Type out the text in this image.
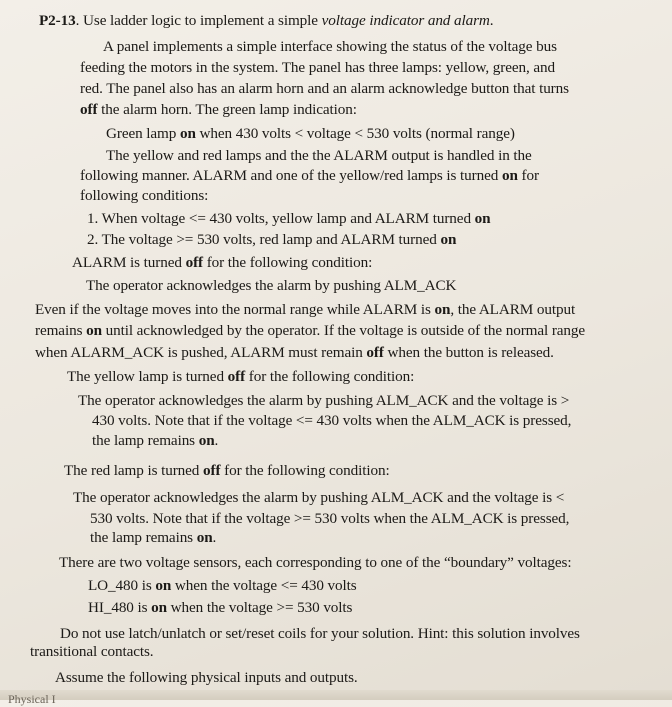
P2-13. Use ladder logic to implement a simple voltage indicator and alarm.
A panel implements a simple interface showing the status of the voltage bus
feeding the motors in the system. The panel has three lamps: yellow, green, and
red. The panel also has an alarm horn and an alarm acknowledge button that turns
off the alarm horn. The green lamp indication:
Green lamp on when 430 volts < voltage < 530 volts (normal range)
The yellow and red lamps and the the ALARM output is handled in the
following manner. ALARM and one of the yellow/red lamps is turned on for
following conditions:
1. When voltage <= 430 volts, yellow lamp and ALARM turned on
2. The voltage >= 530 volts, red lamp and ALARM turned on
ALARM is turned off for the following condition:
The operator acknowledges the alarm by pushing ALM_ACK
Even if the voltage moves into the normal range while ALARM is on, the ALARM output
remains on until acknowledged by the operator. If the voltage is outside of the normal range
when ALARM_ACK is pushed, ALARM must remain off when the button is released.
The yellow lamp is turned off for the following condition:
The operator acknowledges the alarm by pushing ALM_ACK and the voltage is >
430 volts. Note that if the voltage <= 430 volts when the ALM_ACK is pressed,
the lamp remains on.
The red lamp is turned off for the following condition:
The operator acknowledges the alarm by pushing ALM_ACK and the voltage is <
530 volts. Note that if the voltage >= 530 volts when the ALM_ACK is pressed,
the lamp remains on.
There are two voltage sensors, each corresponding to one of the “boundary” voltages:
LO_480 is on when the voltage <= 430 volts
HI_480 is on when the voltage >= 530 volts
Do not use latch/unlatch or set/reset coils for your solution. Hint: this solution involves
transitional contacts.
Assume the following physical inputs and outputs.
Physical I
